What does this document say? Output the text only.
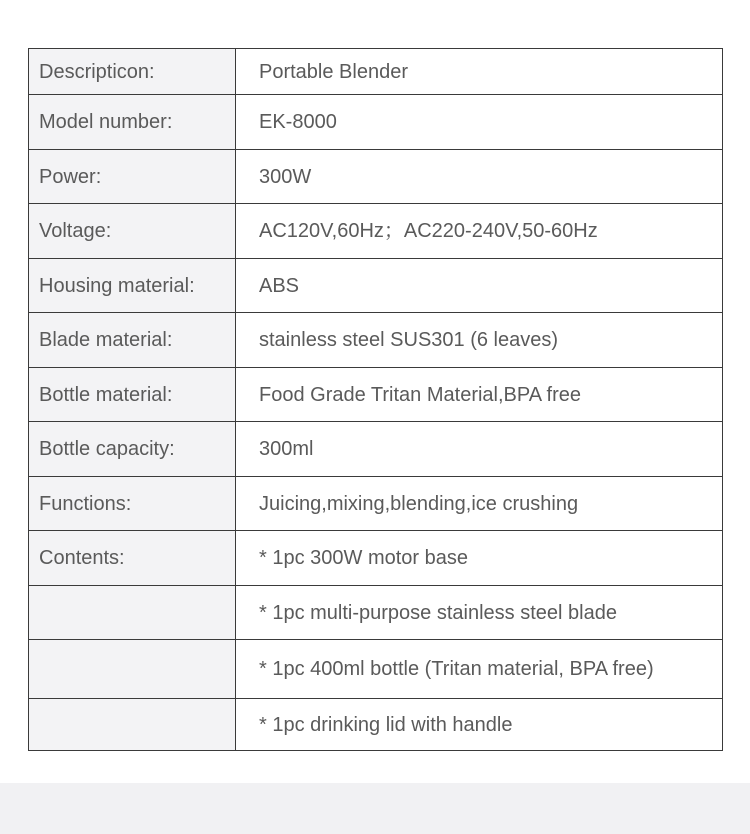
Descripticon:	Portable Blender
Model number:	EK-8000
Power:	300W
Voltage:	AC120V,60Hz；AC220-240V,50-60Hz
Housing material:	ABS
Blade material:	stainless steel SUS301 (6 leaves)
Bottle material:	Food Grade Tritan Material,BPA free
Bottle capacity:	300ml
Functions:	Juicing,mixing,blending,ice crushing
Contents:	* 1pc 300W motor base
	* 1pc multi-purpose stainless steel blade
	* 1pc 400ml bottle (Tritan material, BPA free)
	* 1pc drinking lid with handle
